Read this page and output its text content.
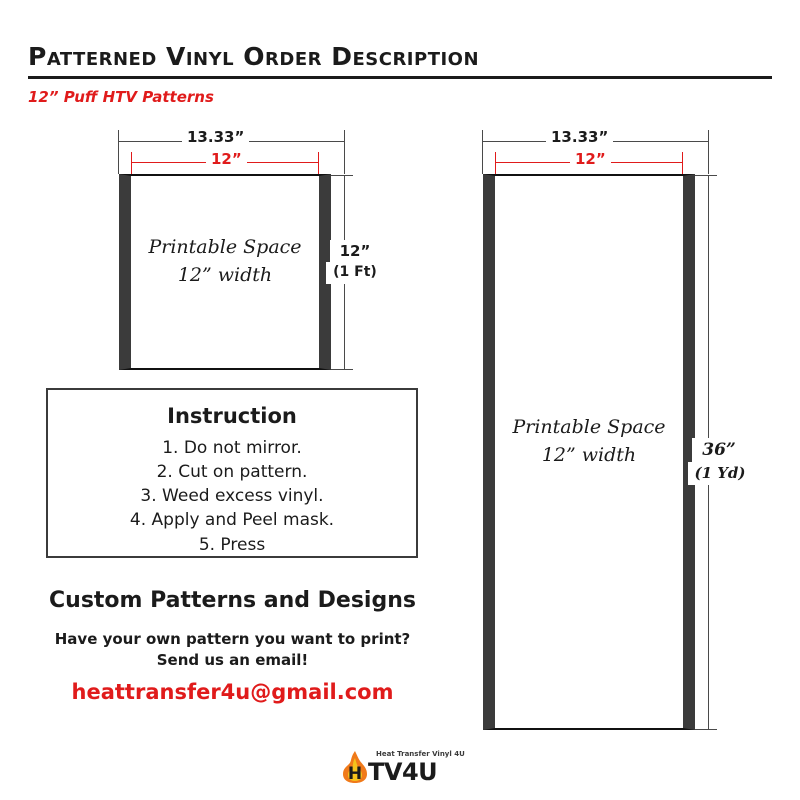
Patterned Vinyl Order Description
12” Puff HTV Patterns
13.33”
12”
Printable Space
12” width
12”
(1 Ft)
13.33”
12”
Printable Space
12” width	36”
(1 Yd)
Instruction
1. Do not mirror.
2. Cut on pattern.
3. Weed excess vinyl.
4. Apply and Peel mask.
5. Press
Custom Patterns and Designs
Have your own pattern you want to print?
Send us an email!
heattransfer4u@gmail.com
H
Heat Transfer Vinyl 4U
TV4U
